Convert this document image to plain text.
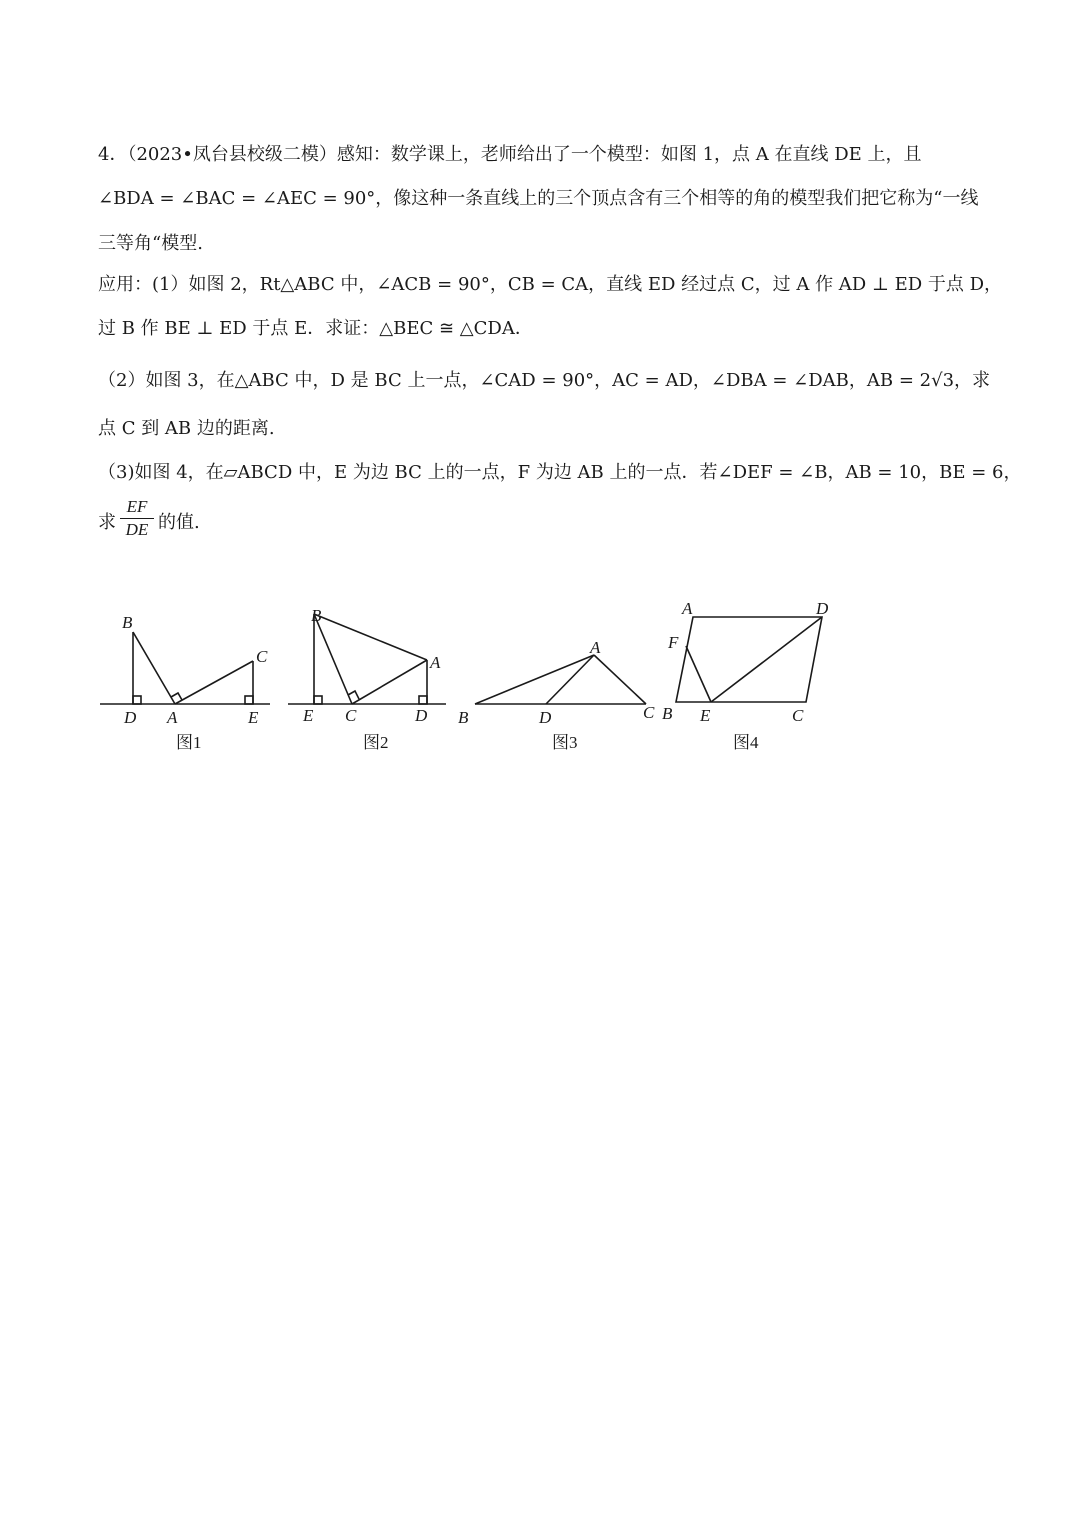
4．（2023•凤台县校级二模）感知：数学课上，老师给出了一个模型：如图 1，点 A 在直线 DE 上，且
∠BDA = ∠BAC = ∠AEC = 90°，像这种一条直线上的三个顶点含有三个相等的角的模型我们把它称为“一线
三等角“模型.
应用：(1）如图 2，Rt△ABC 中，∠ACB = 90°，CB = CA，直线 ED 经过点 C，过 A 作 AD ⊥ ED 于点 D，
过 B 作 BE ⊥ ED 于点 E．求证：△BEC ≅ △CDA．
（2）如图 3，在△ABC 中，D 是 BC 上一点，∠CAD = 90°，AC = AD，∠DBA = ∠DAB，AB = 2√3，求
点 C 到 AB 边的距离.
（3)如图 4，在▱ABCD 中，E 为边 BC 上的一点，F 为边 AB 上的一点．若∠DEF = ∠B，AB = 10，BE = 6，
求
EF
DE 的值.
B
C
D A	E
B
A
E C	D
A
B	D	C
A	D
F
B E	C
图1	图2	图3	图4
